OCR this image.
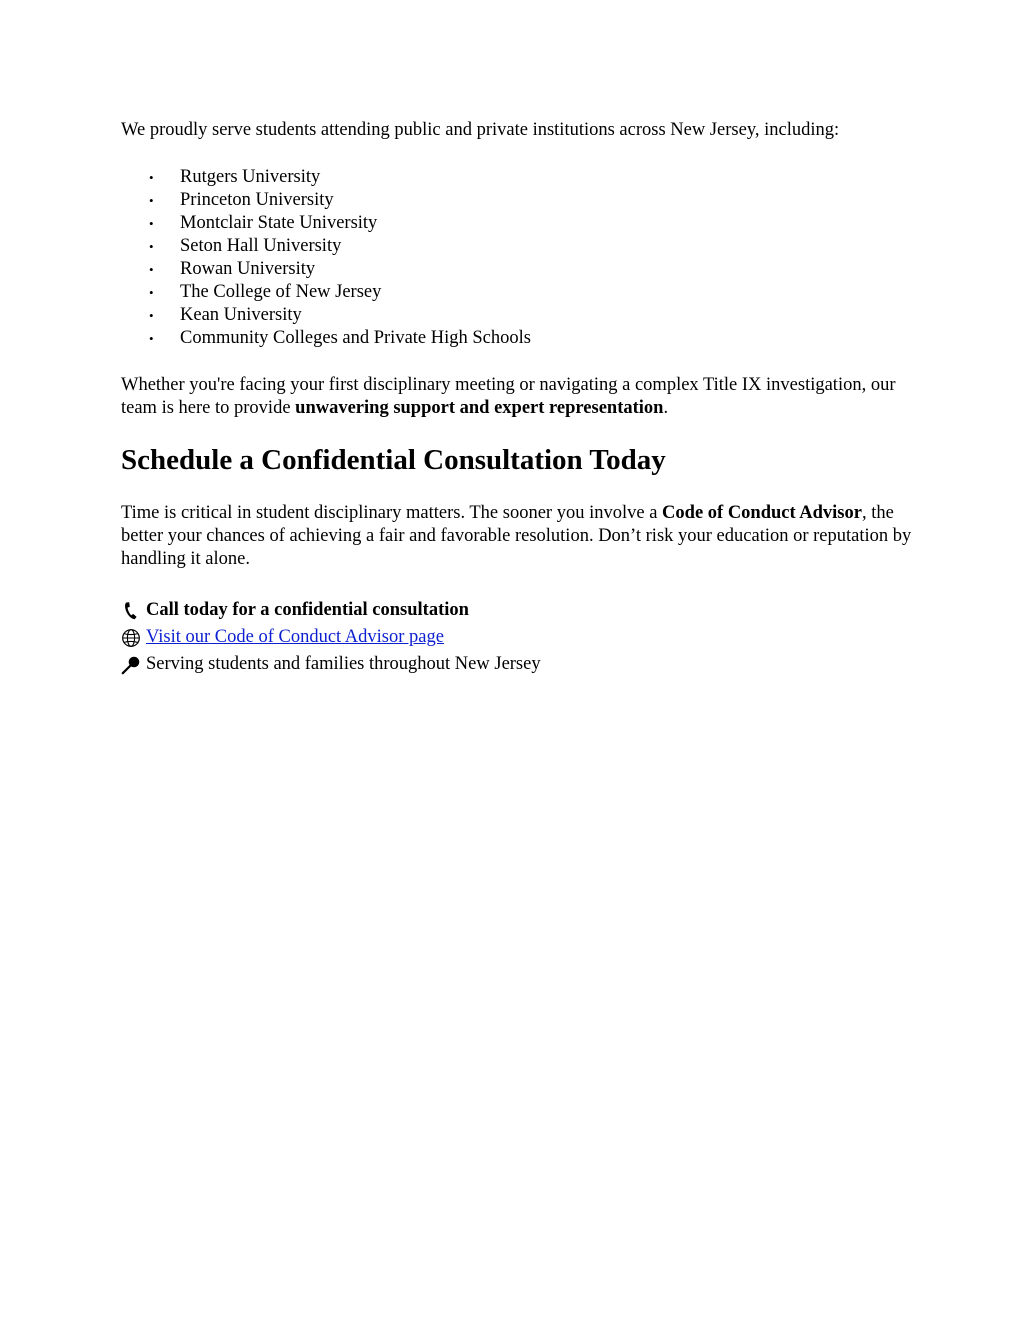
We proudly serve students attending public and private institutions across New Jersey, including:

• Rutgers University
• Princeton University
• Montclair State University
• Seton Hall University
• Rowan University
• The College of New Jersey
• Kean University
• Community Colleges and Private High Schools

Whether you're facing your first disciplinary meeting or navigating a complex Title IX investigation, our team is here to provide unwavering support and expert representation.

Schedule a Confidential Consultation Today

Time is critical in student disciplinary matters. The sooner you involve a Code of Conduct Advisor, the better your chances of achieving a fair and favorable resolution. Don’t risk your education or reputation by handling it alone.

Call today for a confidential consultation
Visit our Code of Conduct Advisor page
Serving students and families throughout New Jersey
